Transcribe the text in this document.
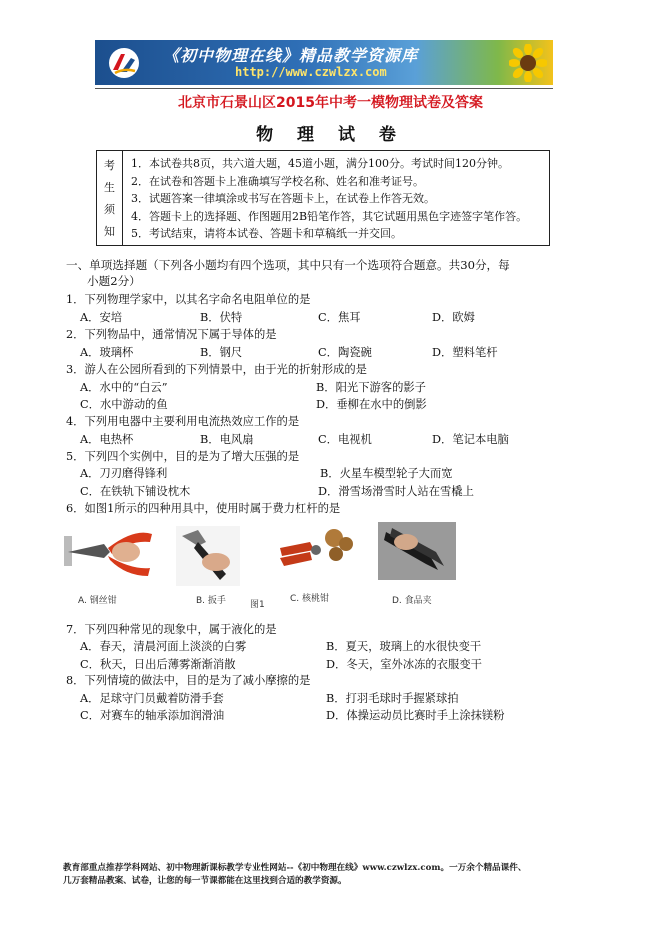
《初中物理在线》精品教学资源库
http://www.czwlzx.com
北京市石景山区2015年中考一模物理试卷及答案
物 理 试 卷
考
生
须
知
1．本试卷共8页，共六道大题，45道小题，满分100分。考试时间120分钟。
2．在试卷和答题卡上准确填写学校名称、姓名和准考证号。
3．试题答案一律填涂或书写在答题卡上，在试卷上作答无效。
4．答题卡上的选择题、作图题用2B铅笔作答，其它试题用黑色字迹签字笔作答。
5．考试结束，请将本试卷、答题卡和草稿纸一并交回。
一、单项选择题（下列各小题均有四个选项，其中只有一个选项符合题意。共30分，每
小题2分）
1．下列物理学家中，以其名字命名电阻单位的是
A．安培	B．伏特	C．焦耳	D．欧姆
2．下列物品中，通常情况下属于导体的是
A．玻璃杯	B．钢尺	C．陶瓷碗	D．塑料笔杆
3．游人在公园所看到的下列情景中，由于光的折射形成的是
A．水中的“白云”	B．阳光下游客的影子
C．水中游动的鱼	D．垂柳在水中的倒影
4．下列用电器中主要利用电流热效应工作的是
A．电热杯	B．电风扇	C．电视机	D．笔记本电脑
5．下列四个实例中，目的是为了增大压强的是
A．刀刃磨得锋利	B．火星车模型轮子大而宽
C．在铁轨下铺设枕木	D．滑雪场滑雪时人站在雪橇上
6．如图1所示的四种用具中，使用时属于费力杠杆的是
A. 钢丝钳	B. 扳手	图1
C. 核桃钳	D. 食品夹
7．下列四种常见的现象中，属于液化的是
A．春天，清晨河面上淡淡的白雾	B．夏天，玻璃上的水很快变干
C．秋天，日出后薄雾渐渐消散	D．冬天，室外冰冻的衣服变干
8．下列情境的做法中，目的是为了减小摩擦的是
A．足球守门员戴着防滑手套	B．打羽毛球时手握紧球拍
C．对赛车的轴承添加润滑油	D．体操运动员比赛时手上涂抹镁粉
教育部重点推荐学科网站、初中物理新课标教学专业性网站--《初中物理在线》www.czwlzx.com。一万余个精品课件、
几万套精品教案、试卷，让您的每一节课都能在这里找到合适的教学资源。
